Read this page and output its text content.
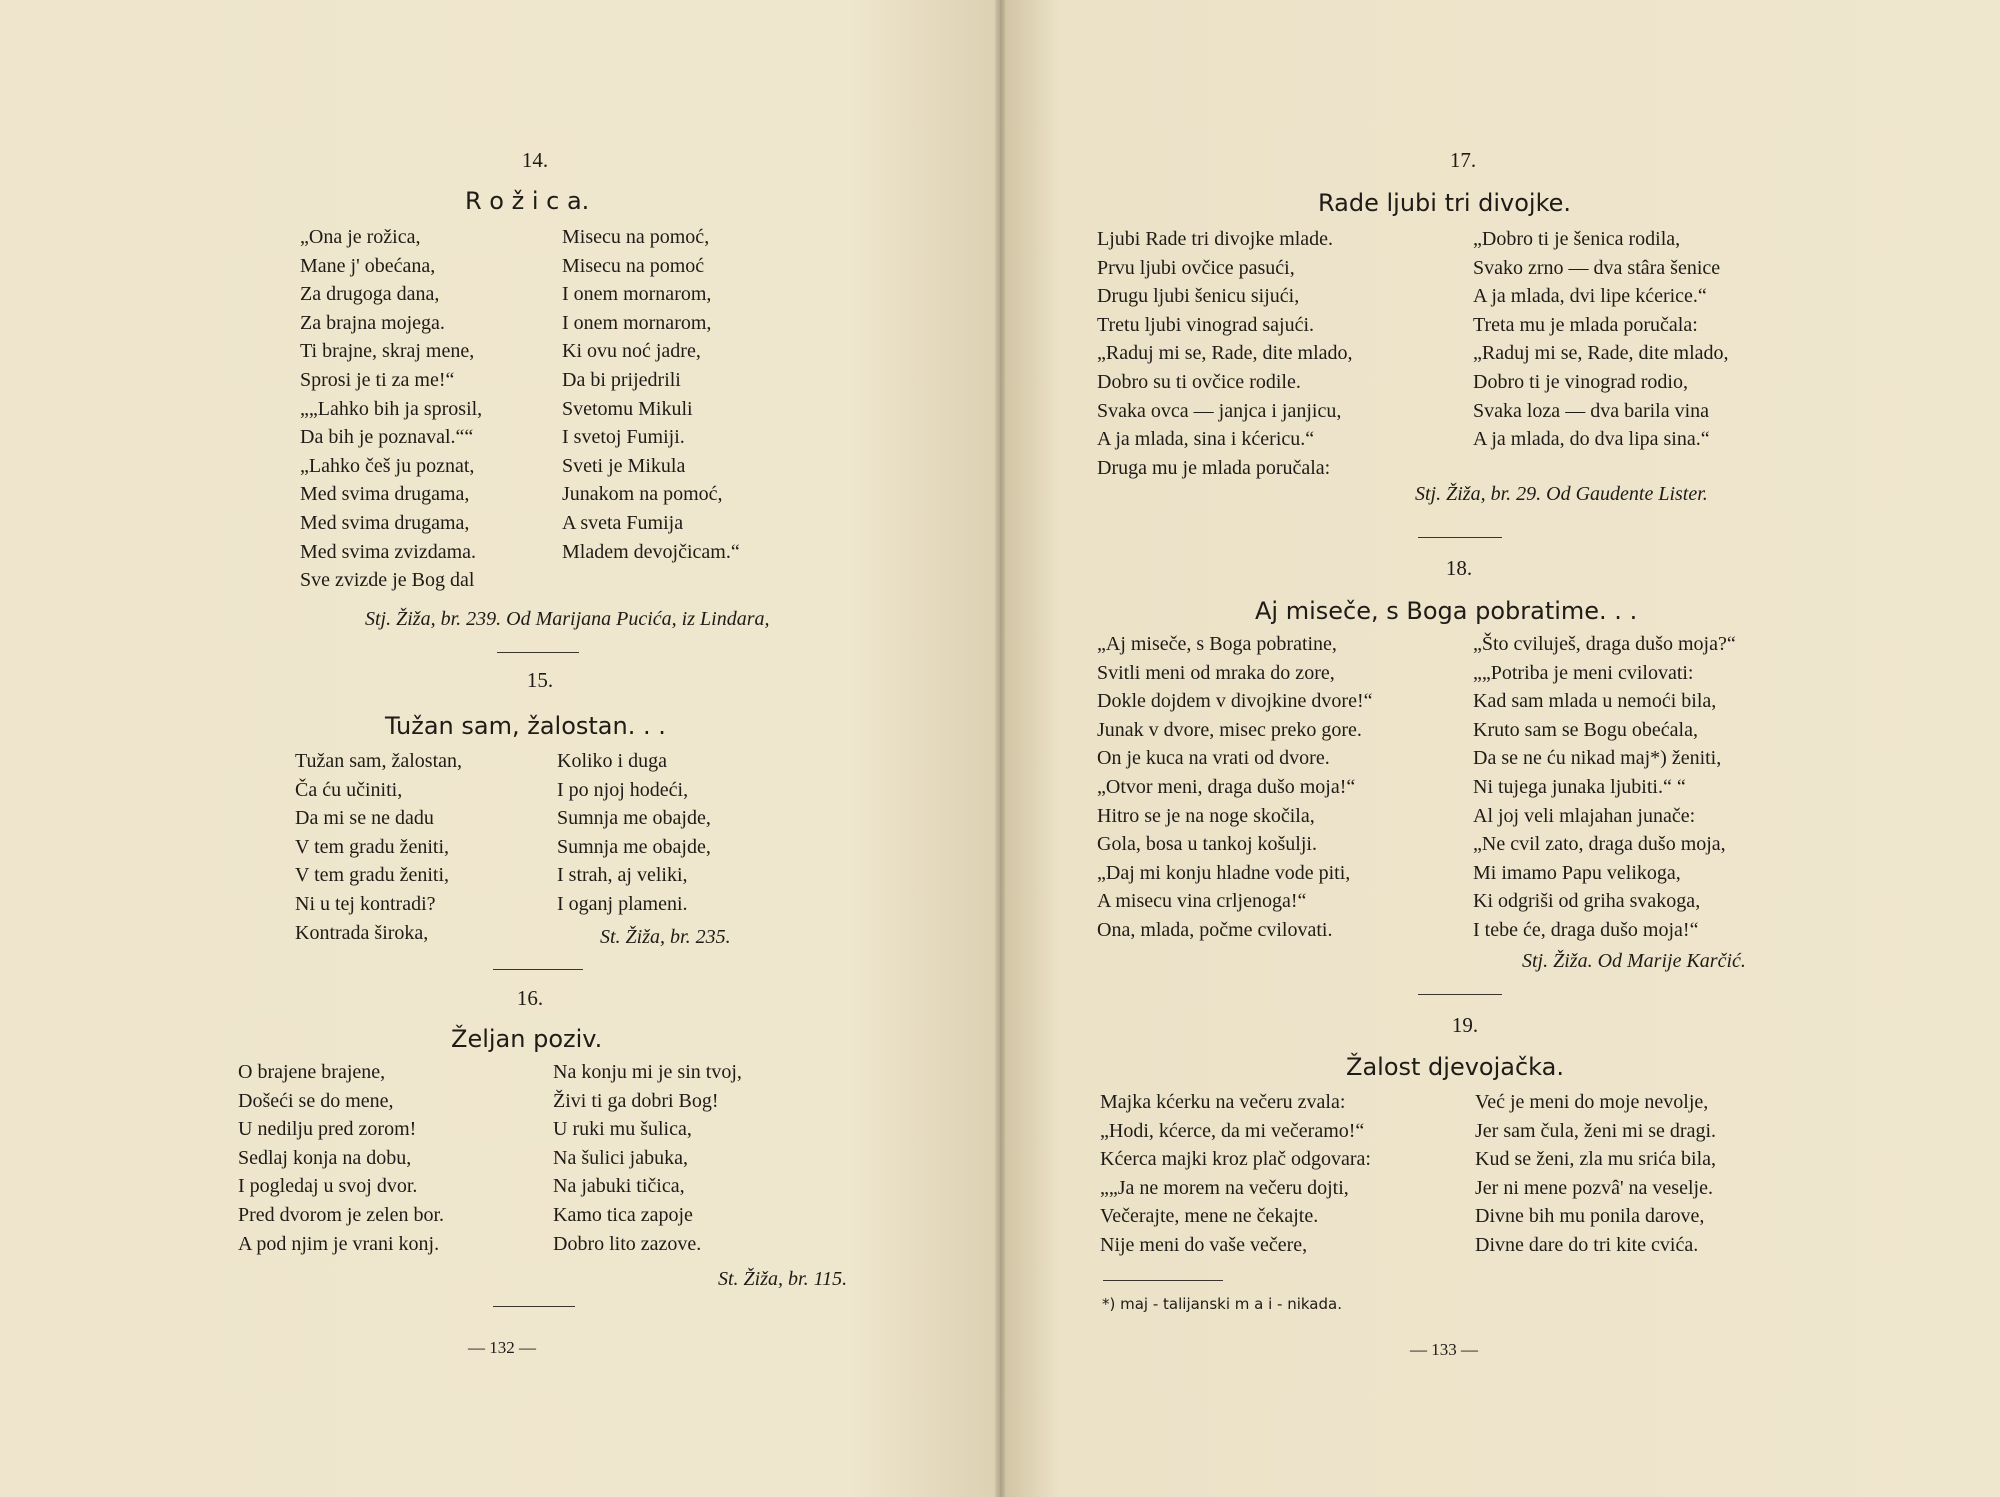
14.
R o ž i c a.
„Ona je rožica,
Mane j' obećana,
Za drugoga dana,
Za brajna mojega.
Ti brajne, skraj mene,
Sprosi je ti za me!“
„„Lahko bih ja sprosil,
Da bih je poznaval.““
„Lahko češ ju poznat,
Med svima drugama,
Med svima drugama,
Med svima zvizdama.
Sve zvizde je Bog dal
Misecu na pomoć,
Misecu na pomoć
I onem mornarom,
I onem mornarom,
Ki ovu noć jadre,
Da bi prijedrili
Svetomu Mikuli
I svetoj Fumiji.
Sveti je Mikula
Junakom na pomoć,
A sveta Fumija
Mladem devojčicam.“
Stj. Žiža, br. 239. Od Marijana Pucića, iz Lindara,
15.
Tužan sam, žalostan. . .
Tužan sam, žalostan,
Ča ću učiniti,
Da mi se ne dadu
V tem gradu ženiti,
V tem gradu ženiti,
Ni u tej kontradi?
Kontrada široka,
Koliko i duga
I po njoj hodeći,
Sumnja me obajde,
Sumnja me obajde,
I strah, aj veliki,
I oganj plameni.
St. Žiža, br. 235.
16.
Željan poziv.
O brajene brajene,
Došeći se do mene,
U nedilju pred zorom!
Sedlaj konja na dobu,
I pogledaj u svoj dvor.
Pred dvorom je zelen bor.
A pod njim je vrani konj.
Na konju mi je sin tvoj,
Živi ti ga dobri Bog!
U ruki mu šulica,
Na šulici jabuka,
Na jabuki tičica,
Kamo tica zapoje
Dobro lito zazove.
St. Žiža, br. 115.
— 132 —
17.
Rade ljubi tri divojke.
Ljubi Rade tri divojke mlade.
Prvu ljubi ovčice pasući,
Drugu ljubi šenicu sijući,
Tretu ljubi vinograd sajući.
„Raduj mi se, Rade, dite mlado,
Dobro su ti ovčice rodile.
Svaka ovca — janjca i janjicu,
A ja mlada, sina i kćericu.“
Druga mu je mlada poručala:
„Dobro ti je šenica rodila,
Svako zrno — dva stâra šenice
A ja mlada, dvi lipe kćerice.“
Treta mu je mlada poručala:
„Raduj mi se, Rade, dite mlado,
Dobro ti je vinograd rodio,
Svaka loza — dva barila vina
A ja mlada, do dva lipa sina.“
Stj. Žiža, br. 29. Od Gaudente Lister.
18.
Aj miseče, s Boga pobratime. . .
„Aj miseče, s Boga pobratine,
Svitli meni od mraka do zore,
Dokle dojdem v divojkine dvore!“
Junak v dvore, misec preko gore.
On je kuca na vrati od dvore.
„Otvor meni, draga dušo moja!“
Hitro se je na noge skočila,
Gola, bosa u tankoj košulji.
„Daj mi konju hladne vode piti,
A misecu vina crljenoga!“
Ona, mlada, počme cvilovati.
„Što cviluješ, draga dušo moja?“
„„Potriba je meni cvilovati:
Kad sam mlada u nemoći bila,
Kruto sam se Bogu obećala,
Da se ne ću nikad maj*) ženiti,
Ni tujega junaka ljubiti.“ “
Al joj veli mlajahan junače:
„Ne cvil zato, draga dušo moja,
Mi imamo Papu velikoga,
Ki odgriši od griha svakoga,
I tebe će, draga dušo moja!“
Stj. Žiža. Od Marije Karčić.
19.
Žalost djevojačka.
Majka kćerku na večeru zvala:
„Hodi, kćerce, da mi večeramo!“
Kćerca majki kroz plač odgovara:
„„Ja ne morem na večeru dojti,
Večerajte, mene ne čekajte.
Nije meni do vaše večere,
Već je meni do moje nevolje,
Jer sam čula, ženi mi se dragi.
Kud se ženi, zla mu srića bila,
Jer ni mene pozvâ' na veselje.
Divne bih mu ponila darove,
Divne dare do tri kite cvića.
*) maj - talijanski m a i - nikada.
— 133 —
